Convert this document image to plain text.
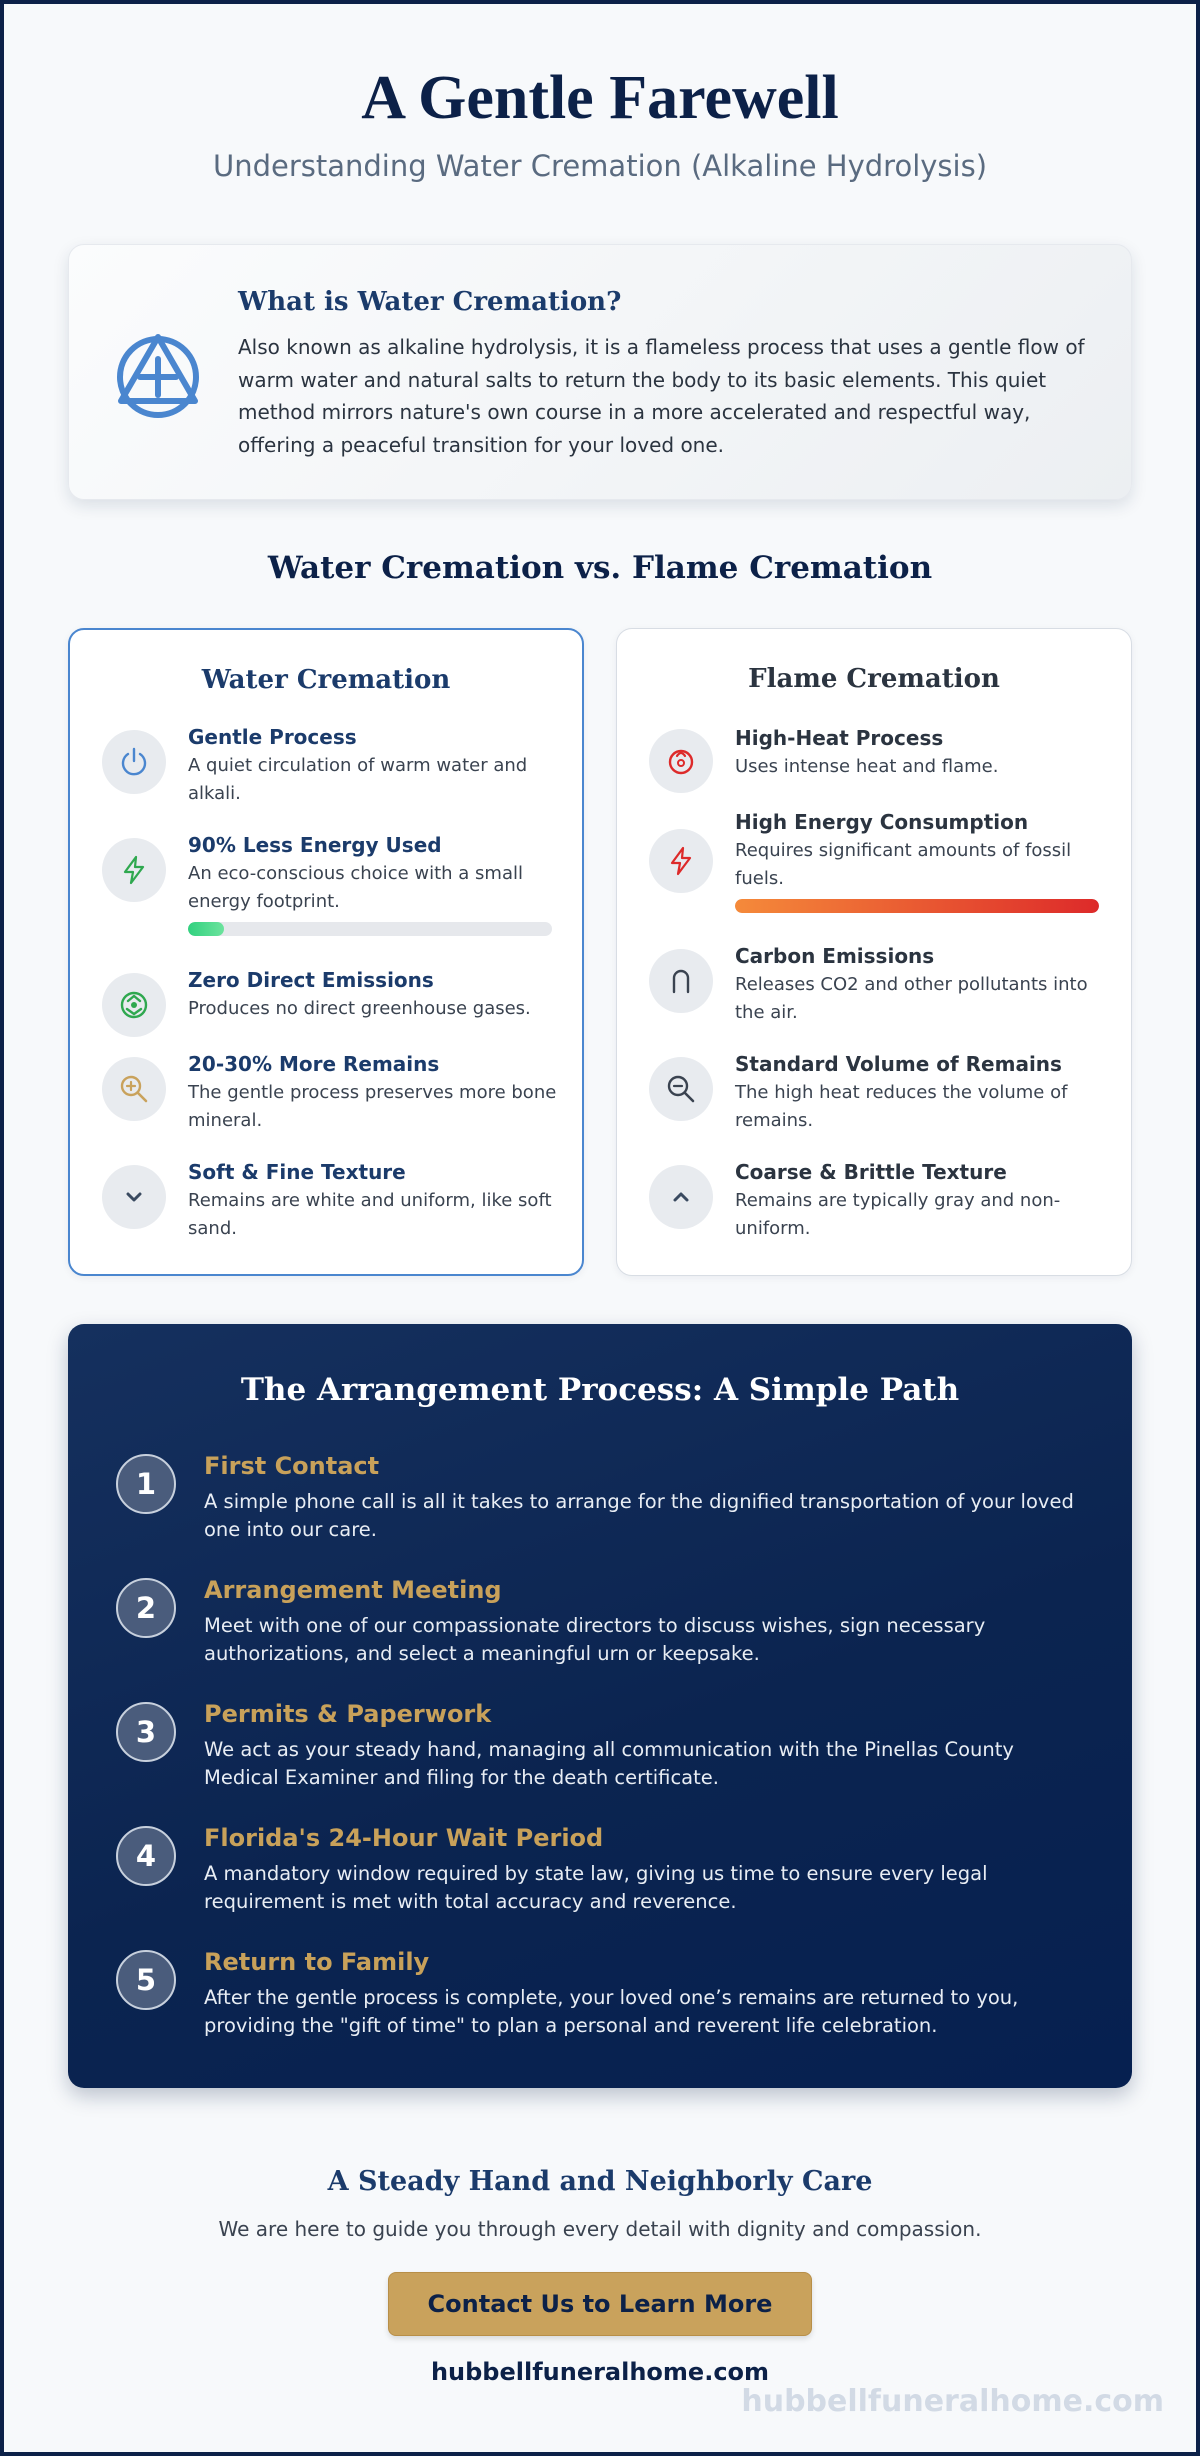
A Gentle Farewell
Understanding Water Cremation (Alkaline Hydrolysis)
What is Water Cremation?
Also known as alkaline hydrolysis, it is a flameless process that uses a gentle flow of warm water and natural salts to return the body to its basic elements. This quiet method mirrors nature's own course in a more accelerated and respectful way, offering a peaceful transition for your loved one.
Water Cremation vs. Flame Cremation
Water Cremation
Gentle Process
A quiet circulation of warm water and alkali.
90% Less Energy Used
An eco-conscious choice with a small energy footprint.
Zero Direct Emissions
Produces no direct greenhouse gases.
20-30% More Remains
The gentle process preserves more bone mineral.
Soft & Fine Texture
Remains are white and uniform, like soft sand.
Flame Cremation
High-Heat Process
Uses intense heat and flame.
High Energy Consumption
Requires significant amounts of fossil fuels.
Carbon Emissions
Releases CO2 and other pollutants into the air.
Standard Volume of Remains
The high heat reduces the volume of remains.
Coarse & Brittle Texture
Remains are typically gray and non-uniform.
The Arrangement Process: A Simple Path
1
First Contact
A simple phone call is all it takes to arrange for the dignified transportation of your loved one into our care.
2
Arrangement Meeting
Meet with one of our compassionate directors to discuss wishes, sign necessary authorizations, and select a meaningful urn or keepsake.
3
Permits & Paperwork
We act as your steady hand, managing all communication with the Pinellas County Medical Examiner and filing for the death certificate.
4
Florida's 24-Hour Wait Period
A mandatory window required by state law, giving us time to ensure every legal requirement is met with total accuracy and reverence.
5
Return to Family
After the gentle process is complete, your loved one’s remains are returned to you, providing the "gift of time" to plan a personal and reverent life celebration.
A Steady Hand and Neighborly Care
We are here to guide you through every detail with dignity and compassion.
Contact Us to Learn More
hubbellfuneralhome.com
hubbellfuneralhome.com
